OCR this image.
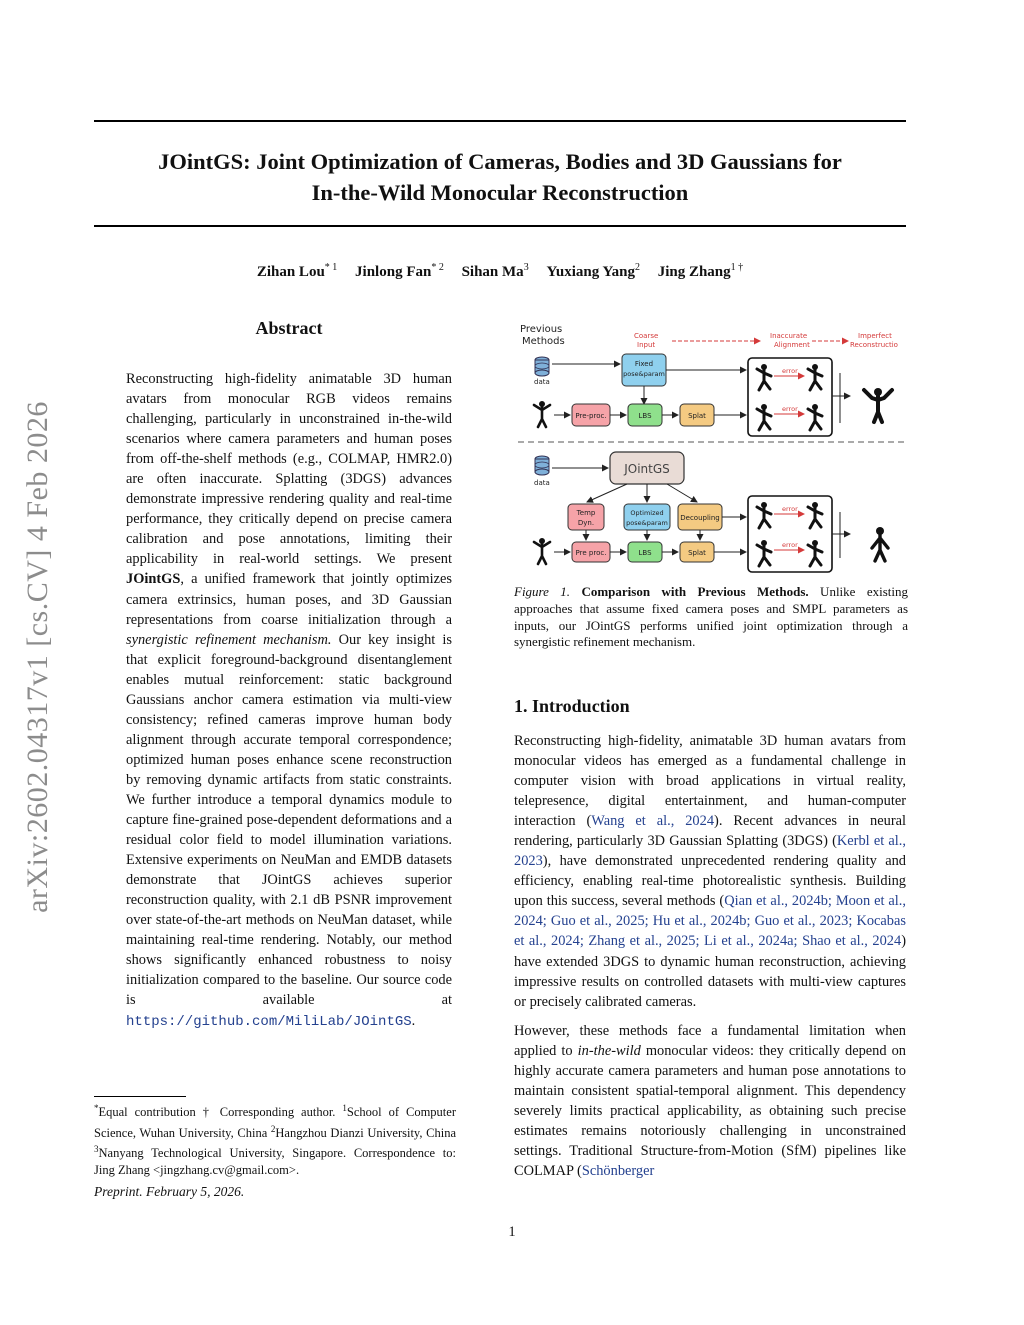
JOintGS: Joint Optimization of Cameras, Bodies and 3D Gaussians for
In-the-Wild Monocular Reconstruction
Zihan Lou$^{* 1}$ Jinlong Fan$^{* 2}$ Sihan Ma$^3$ Yuxiang Yang$^2$ Jing Zhang$^{1 \dagger}$
arXiv:2602.04317v1 [cs.CV] 4 Feb 2026
Abstract
Reconstructing high-fidelity animatable 3D human avatars from monocular RGB videos remains challenging, particularly in unconstrained in-the-wild scenarios where camera parameters and human poses from off-the-shelf methods (e.g., COLMAP, HMR2.0) are often inaccurate. Splatting (3DGS) advances demonstrate impressive rendering quality and real-time performance, they critically depend on precise camera calibration and pose annotations, limiting their applicability in real-world settings. We present JOintGS, a unified framework that jointly optimizes camera extrinsics, human poses, and 3D Gaussian representations from coarse initialization through a synergistic refinement mechanism. Our key insight is that explicit foreground-background disentanglement enables mutual reinforcement: static background Gaussians anchor camera estimation via multi-view consistency; refined cameras improve human body alignment through accurate temporal correspondence; optimized human poses enhance scene reconstruction by removing dynamic artifacts from static constraints. We further introduce a temporal dynamics module to capture fine-grained pose-dependent deformations and a residual color field to model illumination variations. Extensive experiments on NeuMan and EMDB datasets demonstrate that JOintGS achieves superior reconstruction quality, with 2.1 dB PSNR improvement over state-of-the-art methods on NeuMan dataset, while maintaining real-time rendering. Notably, our method shows significantly enhanced robustness to noisy initialization compared to the baseline. Our source code is available at https://github.com/MiliLab/JOintGS.
*Equal contribution † Corresponding author. $^1$School of Computer Science, Wuhan University, China $^2$Hangzhou Dianzi University, China $^3$Nanyang Technological University, Singapore. Correspondence to: Jing Zhang <jingzhang.cv@gmail.com>.
Preprint. February 5, 2026.
Previous
Methods	Coarse
Input
Inaccurate
Alignment
Imperfect
Reconstructio
data
Fixed
pose&param
Pre-proc.	LBS	Splat
error
error
data
JOintGS
Temp
Dyn.
Optimized
pose&param
Decoupling
Pre proc.	LBS	Splat
error
error
Figure 1. Comparison with Previous Methods. Unlike existing approaches that assume fixed camera poses and SMPL parameters as inputs, our JOintGS performs unified joint optimization through a synergistic refinement mechanism.
1. Introduction

Reconstructing high-fidelity, animatable 3D human avatars from monocular videos has emerged as a fundamental challenge in computer vision with broad applications in virtual reality, telepresence, digital entertainment, and human-computer interaction (Wang et al., 2024). Recent advances in neural rendering, particularly 3D Gaussian Splatting (3DGS) (Kerbl et al., 2023), have demonstrated unprecedented rendering quality and efficiency, enabling real-time photorealistic synthesis. Building upon this success, several methods (Qian et al., 2024b; Moon et al., 2024; Guo et al., 2025; Hu et al., 2024b; Guo et al., 2023; Kocabas et al., 2024; Zhang et al., 2025; Li et al., 2024a; Shao et al., 2024) have extended 3DGS to dynamic human reconstruction, achieving impressive results on controlled datasets with multi-view captures or precisely calibrated cameras.

However, these methods face a fundamental limitation when applied to in-the-wild monocular videos: they critically depend on highly accurate camera parameters and human pose annotations to maintain consistent spatial-temporal alignment. This dependency severely limits practical applicability, as obtaining such precise estimates remains notoriously challenging in unconstrained settings. Traditional Structure-from-Motion (SfM) pipelines like COLMAP (Schönberger

1
